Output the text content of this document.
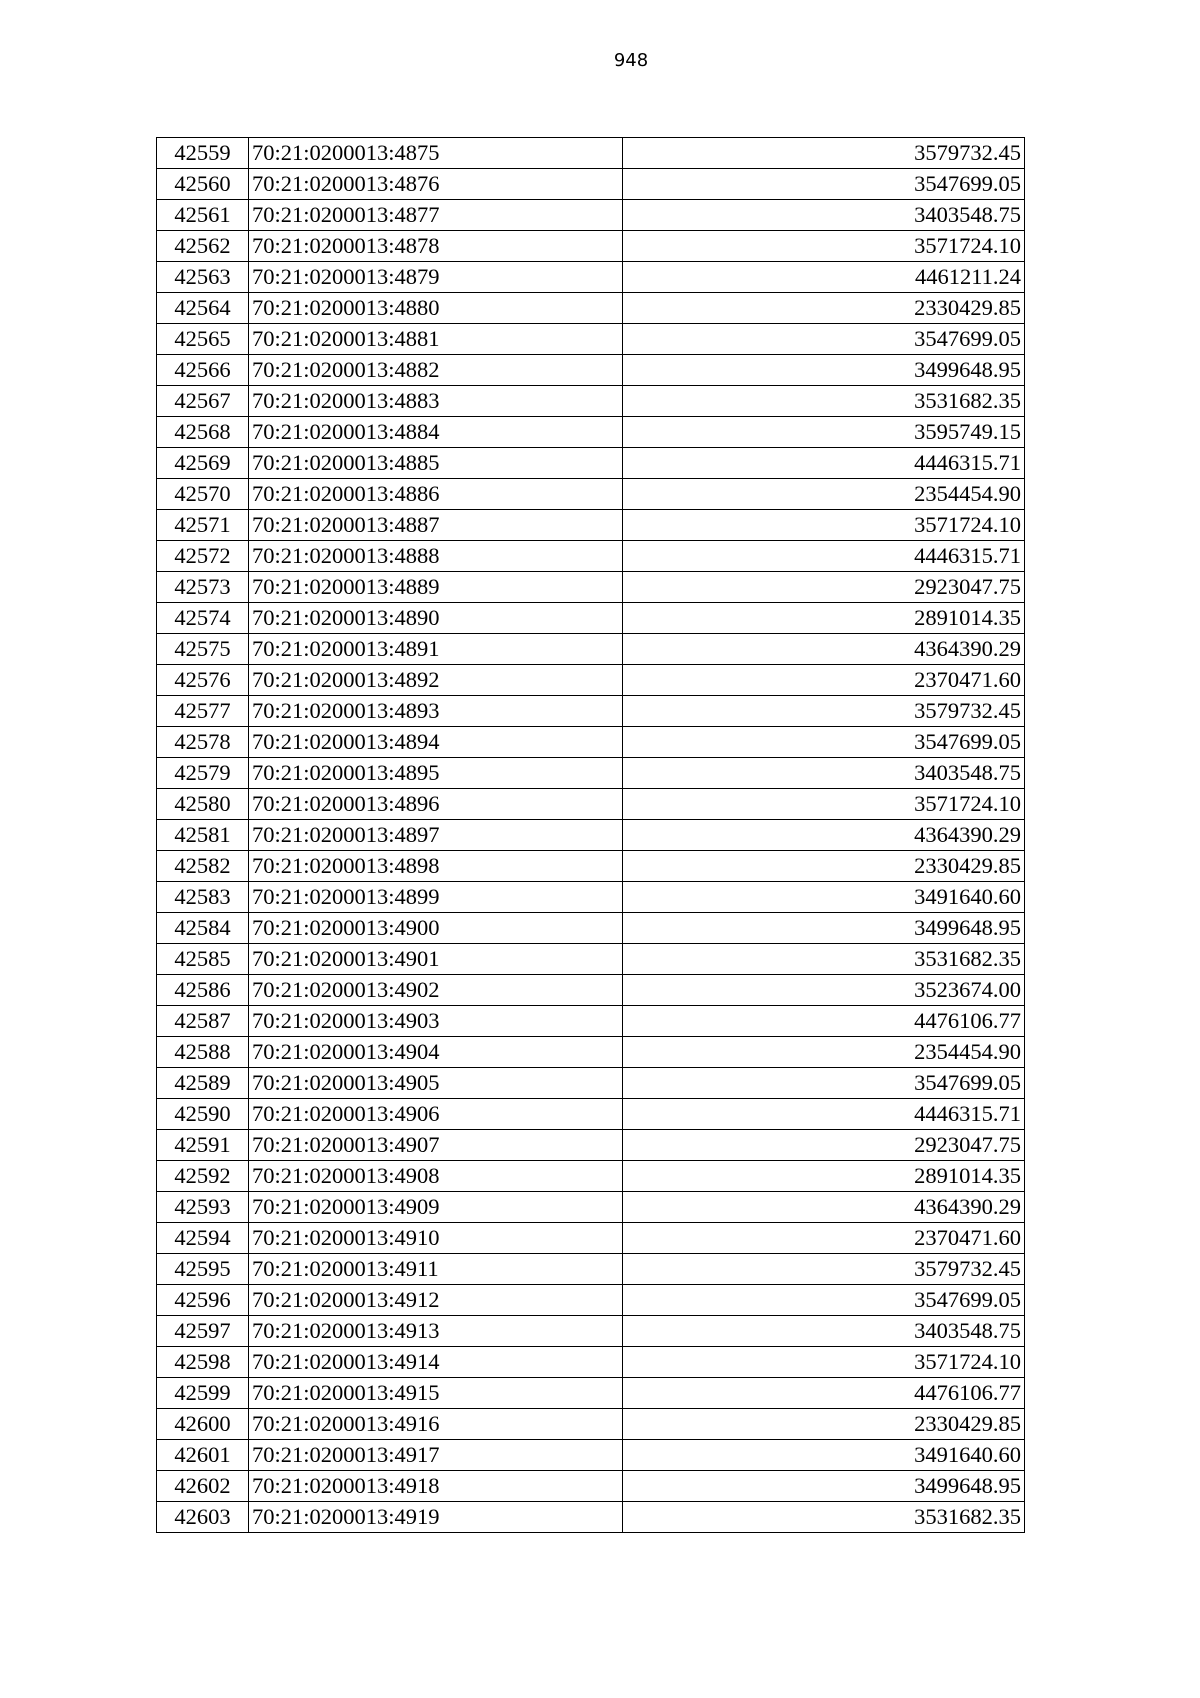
948
42559	70:21:0200013:4875	3579732.45
42560	70:21:0200013:4876	3547699.05
42561	70:21:0200013:4877	3403548.75
42562	70:21:0200013:4878	3571724.10
42563	70:21:0200013:4879	4461211.24
42564	70:21:0200013:4880	2330429.85
42565	70:21:0200013:4881	3547699.05
42566	70:21:0200013:4882	3499648.95
42567	70:21:0200013:4883	3531682.35
42568	70:21:0200013:4884	3595749.15
42569	70:21:0200013:4885	4446315.71
42570	70:21:0200013:4886	2354454.90
42571	70:21:0200013:4887	3571724.10
42572	70:21:0200013:4888	4446315.71
42573	70:21:0200013:4889	2923047.75
42574	70:21:0200013:4890	2891014.35
42575	70:21:0200013:4891	4364390.29
42576	70:21:0200013:4892	2370471.60
42577	70:21:0200013:4893	3579732.45
42578	70:21:0200013:4894	3547699.05
42579	70:21:0200013:4895	3403548.75
42580	70:21:0200013:4896	3571724.10
42581	70:21:0200013:4897	4364390.29
42582	70:21:0200013:4898	2330429.85
42583	70:21:0200013:4899	3491640.60
42584	70:21:0200013:4900	3499648.95
42585	70:21:0200013:4901	3531682.35
42586	70:21:0200013:4902	3523674.00
42587	70:21:0200013:4903	4476106.77
42588	70:21:0200013:4904	2354454.90
42589	70:21:0200013:4905	3547699.05
42590	70:21:0200013:4906	4446315.71
42591	70:21:0200013:4907	2923047.75
42592	70:21:0200013:4908	2891014.35
42593	70:21:0200013:4909	4364390.29
42594	70:21:0200013:4910	2370471.60
42595	70:21:0200013:4911	3579732.45
42596	70:21:0200013:4912	3547699.05
42597	70:21:0200013:4913	3403548.75
42598	70:21:0200013:4914	3571724.10
42599	70:21:0200013:4915	4476106.77
42600	70:21:0200013:4916	2330429.85
42601	70:21:0200013:4917	3491640.60
42602	70:21:0200013:4918	3499648.95
42603	70:21:0200013:4919	3531682.35
